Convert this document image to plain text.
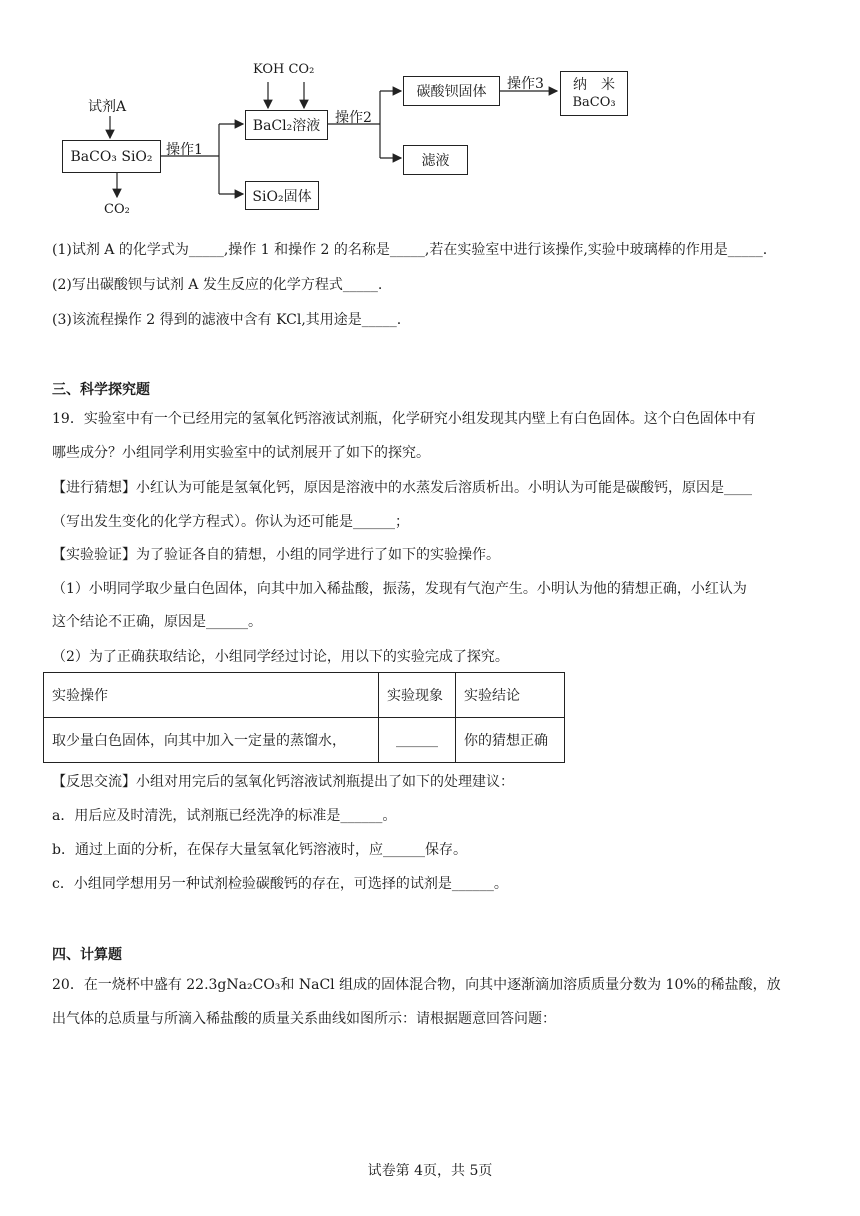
试剂A
BaCO₃ SiO₂
CO₂
操作1
KOH CO₂
BaCl₂溶液
SiO₂固体
操作2
碳酸钡固体
滤液
操作3 纳　米
BaCO₃
(1)试剂 A 的化学式为_____,操作 1 和操作 2 的名称是_____,若在实验室中进行该操作,实验中玻璃棒的作用是_____.
(2)写出碳酸钡与试剂 A 发生反应的化学方程式_____.
(3)该流程操作 2 得到的滤液中含有 KCl,其用途是_____.
三、科学探究题
19．实验室中有一个已经用完的氢氧化钙溶液试剂瓶，化学研究小组发现其内壁上有白色固体。这个白色固体中有
哪些成分？小组同学利用实验室中的试剂展开了如下的探究。
【进行猜想】小红认为可能是氢氧化钙，原因是溶液中的水蒸发后溶质析出。小明认为可能是碳酸钙，原因是____
（写出发生变化的化学方程式）。你认为还可能是______；
【实验验证】为了验证各自的猜想，小组的同学进行了如下的实验操作。
（1）小明同学取少量白色固体，向其中加入稀盐酸，振荡，发现有气泡产生。小明认为他的猜想正确，小红认为
这个结论不正确，原因是______。
（2）为了正确获取结论，小组同学经过讨论，用以下的实验完成了探究。
实验操作	实验现象	实验结论
取少量白色固体，向其中加入一定量的蒸馏水，	______	你的猜想正确
【反思交流】小组对用完后的氢氧化钙溶液试剂瓶提出了如下的处理建议：
a．用后应及时清洗，试剂瓶已经洗净的标准是______。
b．通过上面的分析，在保存大量氢氧化钙溶液时，应______保存。
c．小组同学想用另一种试剂检验碳酸钙的存在，可选择的试剂是______。
四、计算题
20．在一烧杯中盛有 22.3gNa₂CO₃和 NaCl 组成的固体混合物，向其中逐渐滴加溶质质量分数为 10%的稀盐酸，放
出气体的总质量与所滴入稀盐酸的质量关系曲线如图所示：请根据题意回答问题：
试卷第 4页，共 5页
